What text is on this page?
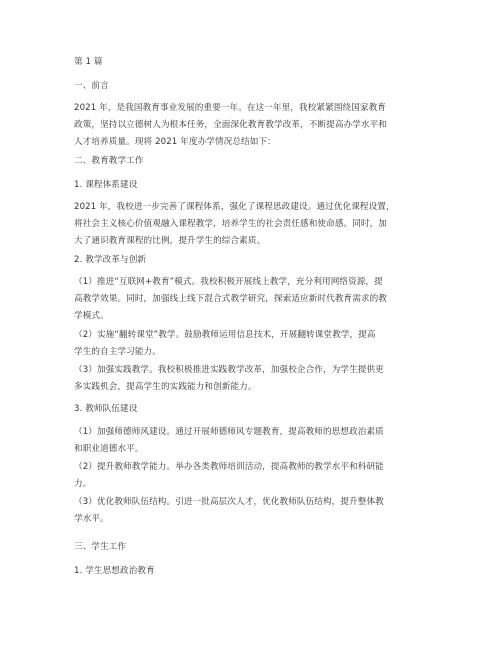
第 1 篇
一、前言
2021 年，是我国教育事业发展的重要一年。在这一年里，我校紧紧围绕国家教育
政策，坚持以立德树人为根本任务，全面深化教育教学改革，不断提高办学水平和
人才培养质量。现将 2021 年度办学情况总结如下：
二、教育教学工作
1. 课程体系建设
2021 年，我校进一步完善了课程体系，强化了课程思政建设。通过优化课程设置，
将社会主义核心价值观融入课程教学，培养学生的社会责任感和使命感。同时，加
大了通识教育课程的比例，提升学生的综合素质。
2. 教学改革与创新
（1）推进“互联网+教育”模式。我校积极开展线上教学，充分利用网络资源，提
高教学效果。同时，加强线上线下混合式教学研究，探索适应新时代教育需求的教
学模式。
（2）实施“翻转课堂”教学。鼓励教师运用信息技术，开展翻转课堂教学，提高
学生的自主学习能力。
（3）加强实践教学。我校积极推进实践教学改革，加强校企合作，为学生提供更
多实践机会，提高学生的实践能力和创新能力。
3. 教师队伍建设
（1）加强师德师风建设。通过开展师德师风专题教育，提高教师的思想政治素质
和职业道德水平。
（2）提升教师教学能力。举办各类教师培训活动，提高教师的教学水平和科研能
力。
（3）优化教师队伍结构。引进一批高层次人才，优化教师队伍结构，提升整体教
学水平。
三、学生工作
1. 学生思想政治教育
